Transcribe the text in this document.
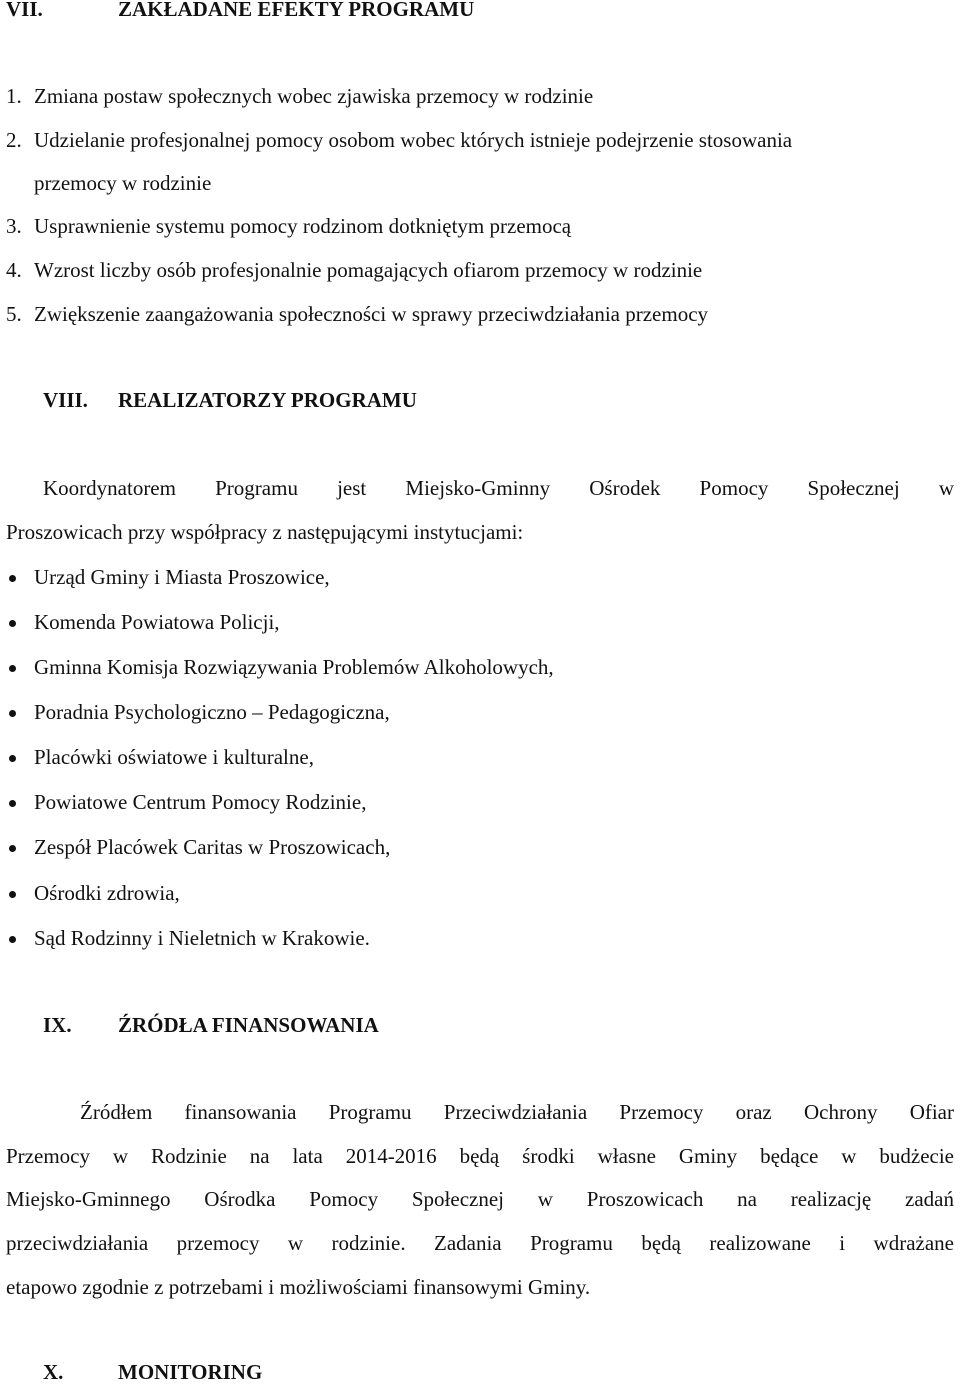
VII.	ZAKŁADANE EFEKTY PROGRAMU
1. Zmiana postaw społecznych wobec zjawiska przemocy w rodzinie
2. Udzielanie profesjonalnej pomocy osobom wobec których istnieje podejrzenie stosowania
przemocy w rodzinie
3. Usprawnienie systemu pomocy rodzinom dotkniętym przemocą
4. Wzrost liczby osób profesjonalnie pomagających ofiarom przemocy w rodzinie
5. Zwiększenie zaangażowania społeczności w sprawy przeciwdziałania przemocy
VIII. REALIZATORZY PROGRAMU
Koordynatorem Programu jest Miejsko-Gminny Ośrodek Pomocy Społecznej w
Proszowicach przy współpracy z następującymi instytucjami:
Urząd Gminy i Miasta Proszowice,
Komenda Powiatowa Policji,
Gminna Komisja Rozwiązywania Problemów Alkoholowych,
Poradnia Psychologiczno – Pedagogiczna,
Placówki oświatowe i kulturalne,
Powiatowe Centrum Pomocy Rodzinie,
Zespół Placówek Caritas w Proszowicach,
Ośrodki zdrowia,
Sąd Rodzinny i Nieletnich w Krakowie.
IX. ŹRÓDŁA FINANSOWANIA
Źródłem finansowania Programu Przeciwdziałania Przemocy oraz Ochrony Ofiar
Przemocy w Rodzinie na lata 2014-2016 będą środki własne Gminy będące w budżecie
Miejsko-Gminnego Ośrodka Pomocy Społecznej w Proszowicach na realizację zadań
przeciwdziałania przemocy w rodzinie. Zadania Programu będą realizowane i wdrażane
etapowo zgodnie z potrzebami i możliwościami finansowymi Gminy.
X.	MONITORING
